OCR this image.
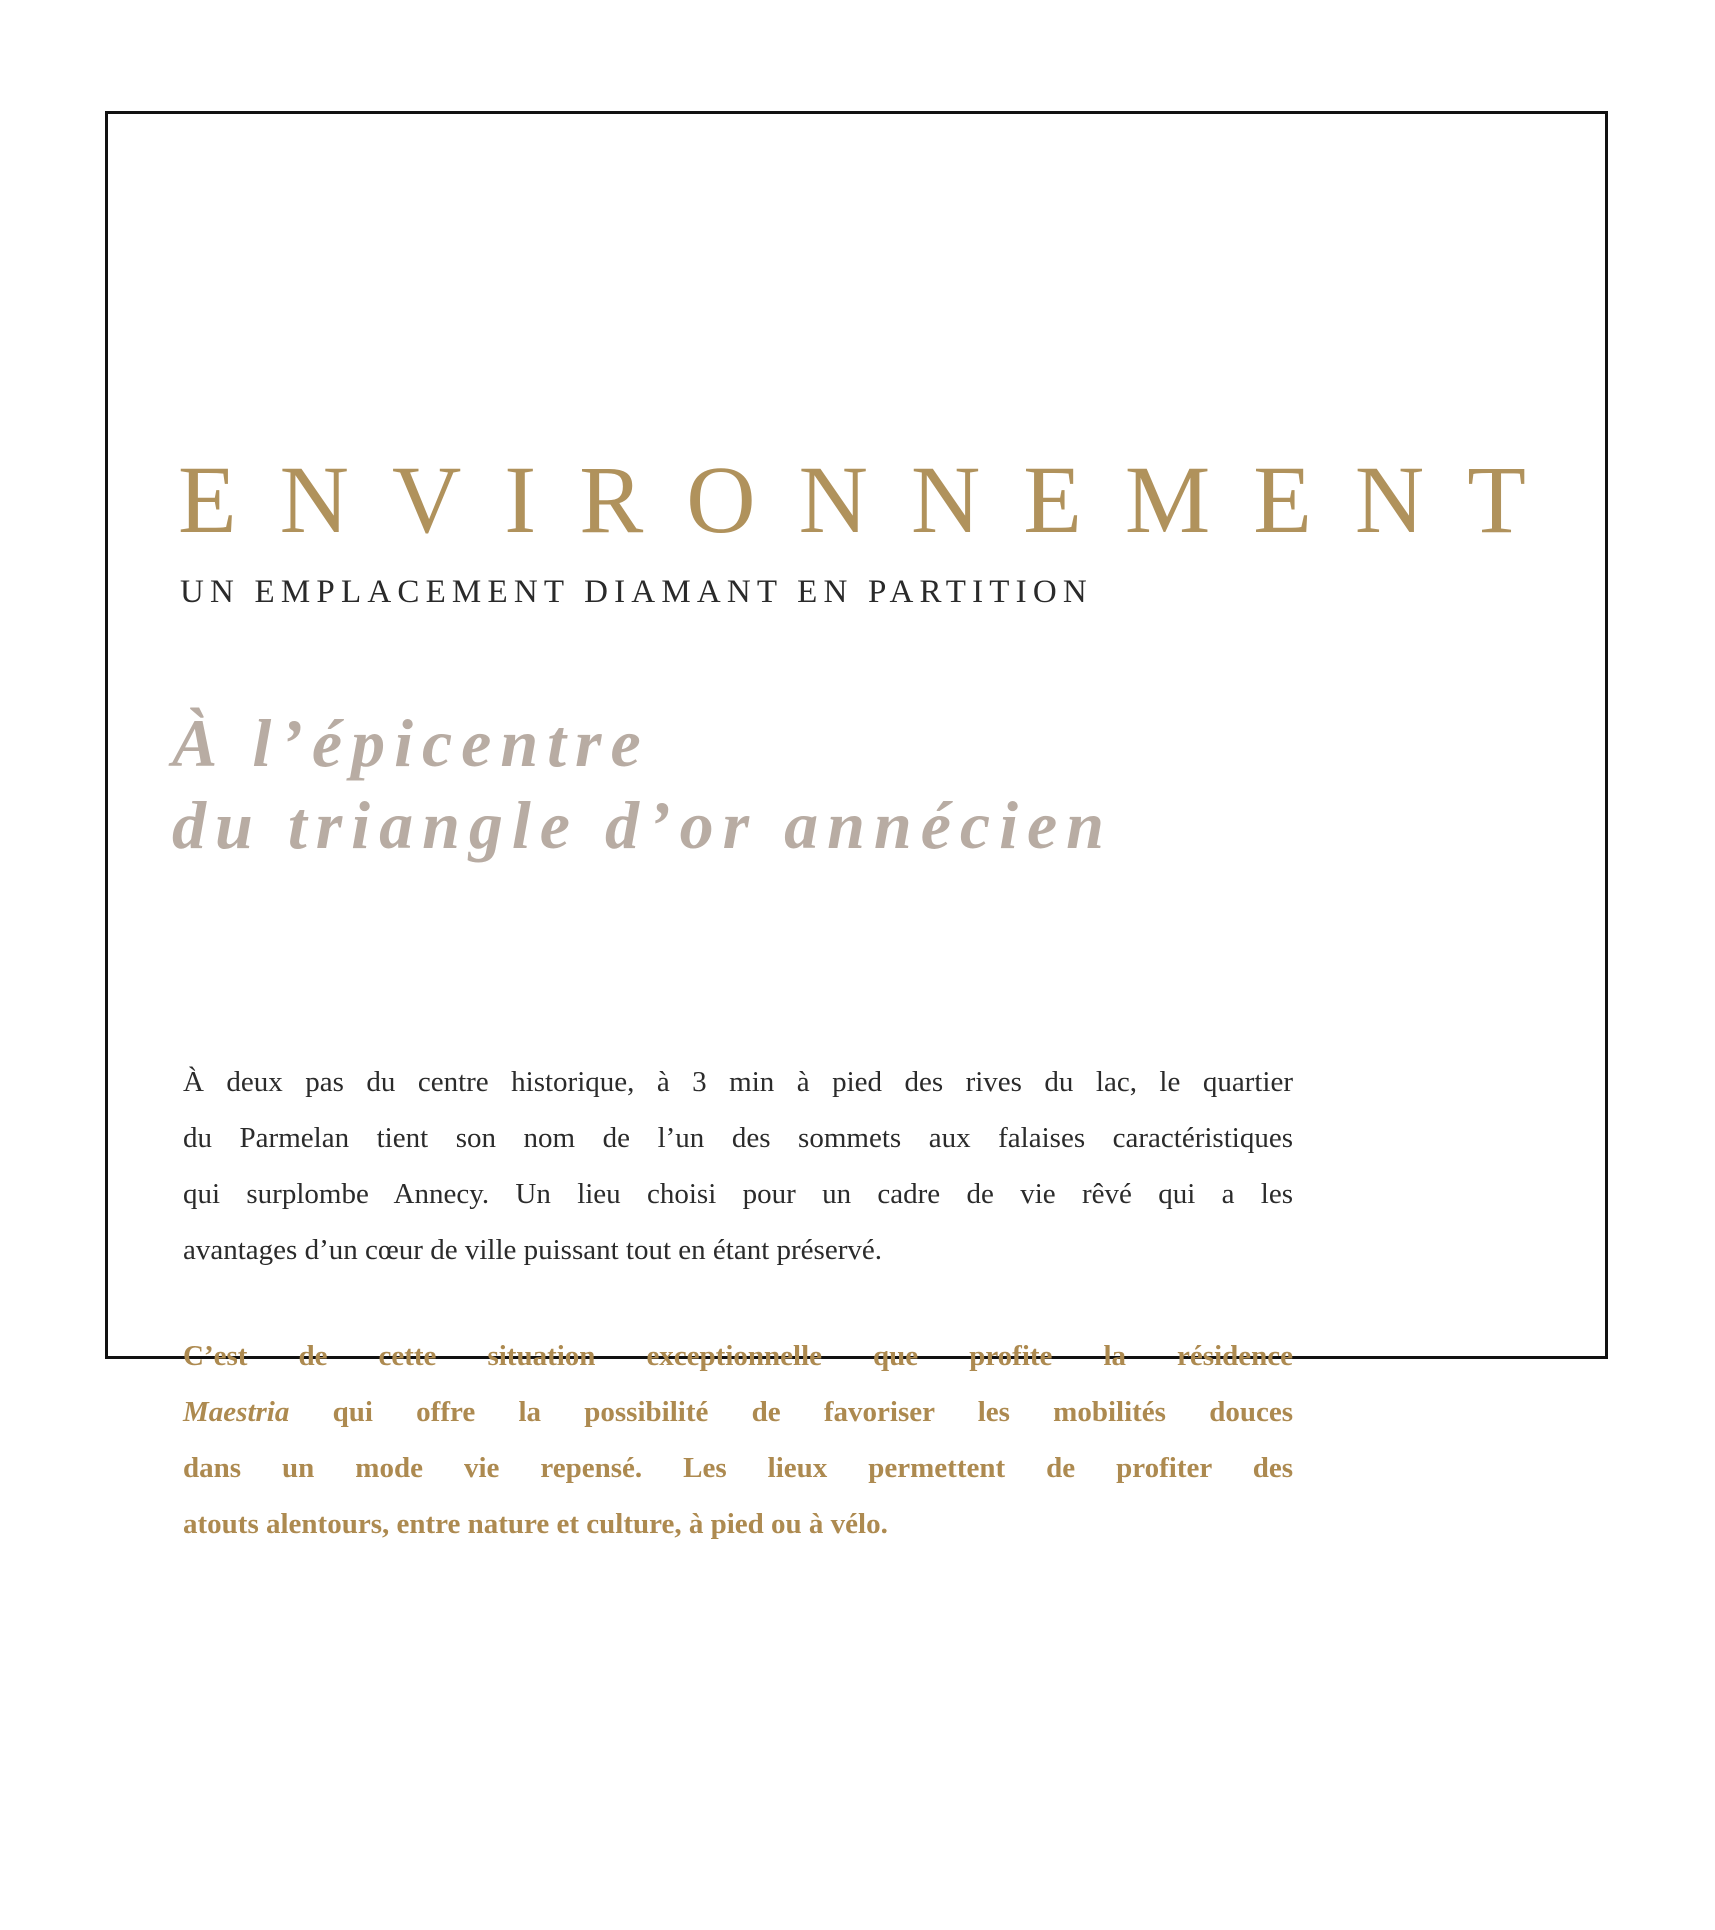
ENVIRONNEMENT
UN EMPLACEMENT DIAMANT EN PARTITION
À l’épicentre
du triangle d’or annécien

À deux pas du centre historique, à 3 min à pied des rives du lac, le quartier
du Parmelan tient son nom de l’un des sommets aux falaises caractéristiques
qui surplombe Annecy. Un lieu choisi pour un cadre de vie rêvé qui a les
avantages d’un cœur de ville puissant tout en étant préservé.

C’est de cette situation exceptionnelle que profite la résidence
Maestria qui offre la possibilité de favoriser les mobilités douces
dans un mode vie repensé. Les lieux permettent de profiter des
atouts alentours, entre nature et culture, à pied ou à vélo.
